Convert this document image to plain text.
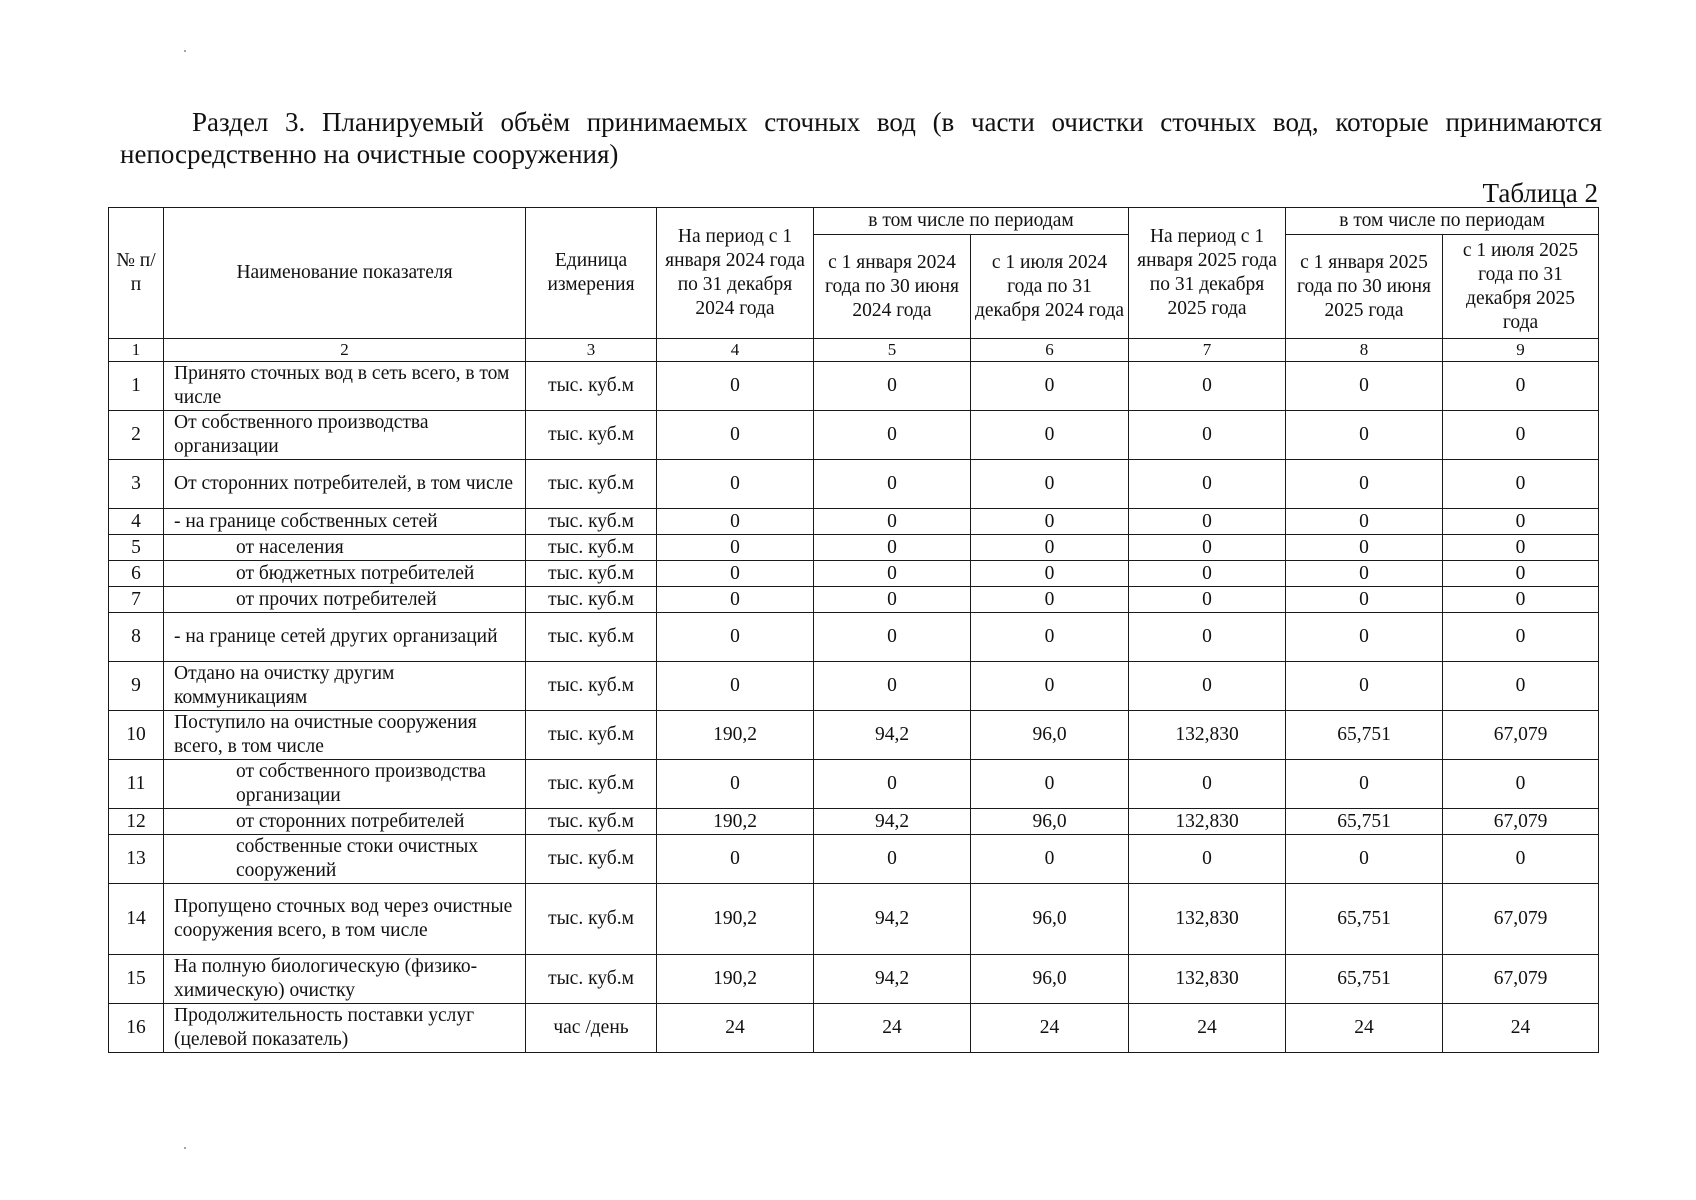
Раздел 3. Планируемый объём принимаемых сточных вод (в части очистки сточных вод, которые принимаются непосредственно на очистные сооружения)
Таблица 2
№ п/п	Наименование показателя	Единица измерения	На период с 1 января 2024 года по 31 декабря 2024 года	в том числе по периодам		На период с 1 января 2025 года по 31 декабря 2025 года	в том числе по периодам	
				с 1 января 2024 года по 30 июня 2024 года	с 1 июля 2024 года по 31 декабря 2024 года		с 1 января 2025 года по 30 июня 2025 года	с 1 июля 2025 года по 31 декабря 2025 года
1	2	3	4	5	6	7	8	9
1	Принято сточных вод в сеть всего, в том числе	тыс. куб.м	0	0	0	0	0	0
2	От собственного производства организации	тыс. куб.м	0	0	0	0	0	0
3	От сторонних потребителей, в том числе	тыс. куб.м	0	0	0	0	0	0
4	- на границе собственных сетей	тыс. куб.м	0	0	0	0	0	0
5	от населения	тыс. куб.м	0	0	0	0	0	0
6	от бюджетных потребителей	тыс. куб.м	0	0	0	0	0	0
7	от прочих потребителей	тыс. куб.м	0	0	0	0	0	0
8	- на границе сетей других организаций	тыс. куб.м	0	0	0	0	0	0
9	Отдано на очистку другим коммуникациям	тыс. куб.м	0	0	0	0	0	0
10	Поступило на очистные сооружения всего, в том числе	тыс. куб.м	190,2	94,2	96,0	132,830	65,751	67,079
11	от собственного производства организации	тыс. куб.м	0	0	0	0	0	0
12	от сторонних потребителей	тыс. куб.м	190,2	94,2	96,0	132,830	65,751	67,079
13	собственные стоки очистных сооружений	тыс. куб.м	0	0	0	0	0	0
14	Пропущено сточных вод через очистные сооружения всего, в том числе	тыс. куб.м	190,2	94,2	96,0	132,830	65,751	67,079
15	На полную биологическую (физико-химическую) очистку	тыс. куб.м	190,2	94,2	96,0	132,830	65,751	67,079
16	Продолжительность поставки услуг (целевой показатель)	час /день	24	24	24	24	24	24
